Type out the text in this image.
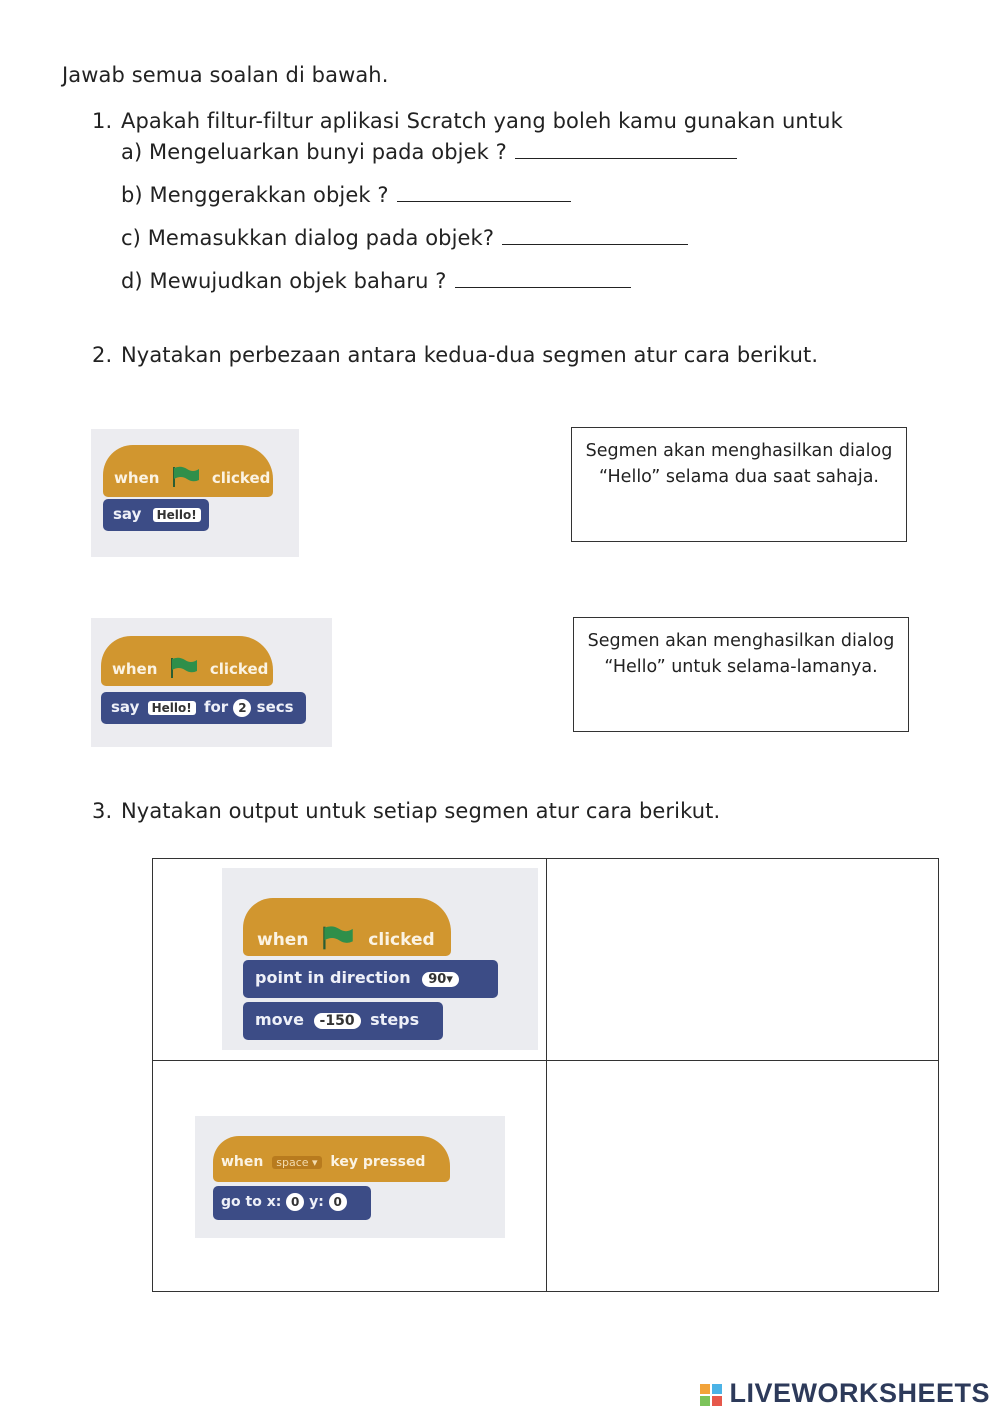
Jawab semua soalan di bawah.
1. Apakah filtur-filtur aplikasi Scratch yang boleh kamu gunakan untuk
a) Mengeluarkan bunyi pada objek ?
b) Menggerakkan objek ?
c) Memasukkan dialog pada objek?
d) Mewujudkan objek baharu ?
2. Nyatakan perbezaan antara kedua-dua segmen atur cara berikut.
when	clicked
say Hello!
when	clicked
say Hello! for 2 secs
Segmen akan menghasilkan dialog “Hello” selama dua saat sahaja.
Segmen akan menghasilkan dialog “Hello” untuk selama-lamanya.
3. Nyatakan output untuk setiap segmen atur cara berikut.
when clicked
point in direction 90▾
move -150 steps	

when space ▾ key pressed
go to x: 0 y: 0	

LIVEWORKSHEETS
